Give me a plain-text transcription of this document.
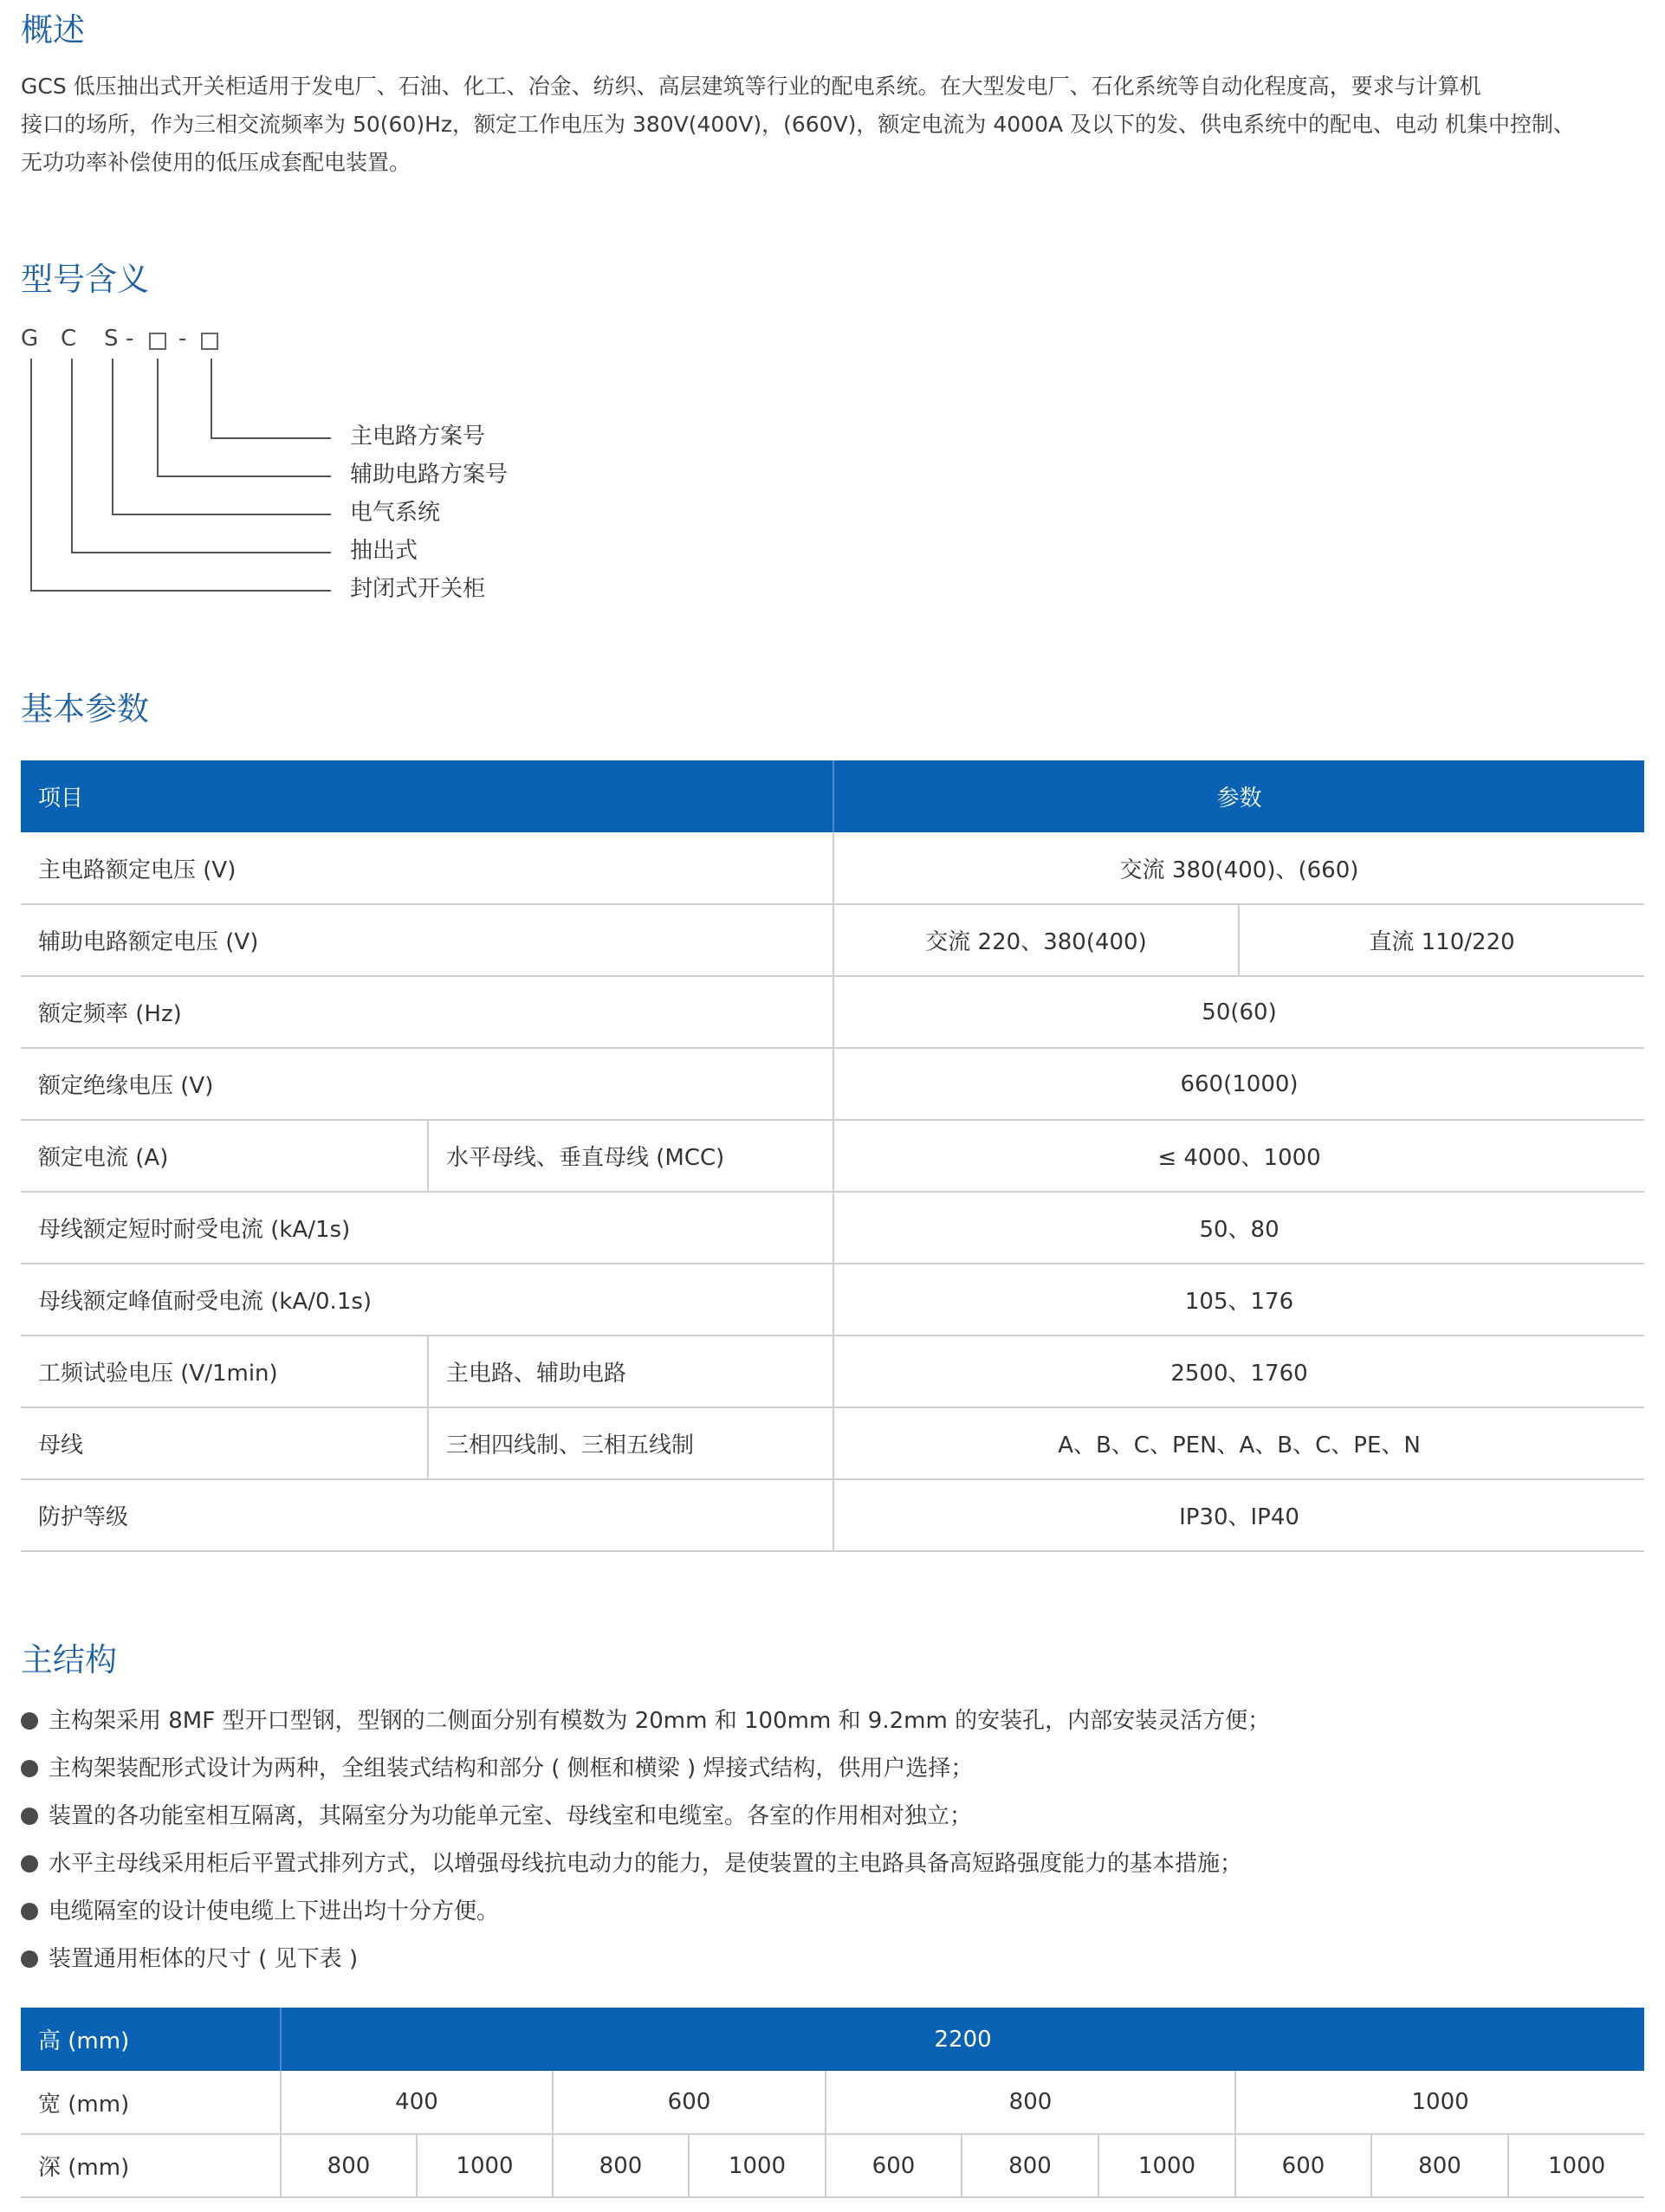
概述

GCS 低压抽出式开关柜适用于发电厂、石油、化工、冶金、纺织、高层建筑等行业的配电系统。在大型发电厂、石化系统等自动化程度高，要求与计算机
接口的场所，作为三相交流频率为 50(60)Hz，额定工作电压为 380V(400V)，(660V)，额定电流为 4000A 及以下的发、供电系统中的配电、电动 机集中控制、
无功功率补偿使用的低压成套配电装置。

型号含义
G C S - -
主电路方案号
辅助电路方案号
电气系统
抽出式
封闭式开关柜
基本参数
项目		参数	
主电路额定电压 (V)		交流 380(400)、(660)	
辅助电路额定电压 (V)		交流 220、380(400)	直流 110/220
额定频率 (Hz)		50(60)	
额定绝缘电压 (V)		660(1000)	
额定电流 (A)	水平母线、垂直母线 (MCC)	≤ 4000、1000	
母线额定短时耐受电流 (kA/1s)		50、80	
母线额定峰值耐受电流 (kA/0.1s)		105、176	
工频试验电压 (V/1min)	主电路、辅助电路	2500、1760	
母线	三相四线制、三相五线制	A、B、C、PEN、A、B、C、PE、N	
防护等级		IP30、IP40	
主结构
主构架采用 8MF 型开口型钢，型钢的二侧面分别有模数为 20mm 和 100mm 和 9.2mm 的安装孔，内部安装灵活方便；
主构架装配形式设计为两种，全组装式结构和部分 ( 侧框和横梁 ) 焊接式结构，供用户选择；
装置的各功能室相互隔离，其隔室分为功能单元室、母线室和电缆室。各室的作用相对独立；
水平主母线采用柜后平置式排列方式，以增强母线抗电动力的能力，是使装置的主电路具备高短路强度能力的基本措施；
电缆隔室的设计使电缆上下进出均十分方便。
装置通用柜体的尺寸 ( 见下表 )
高 (mm)	2200									
宽 (mm)	400		600		800			1000		
深 (mm)	800	1000	800	1000	600	800	1000	600	800	1000
